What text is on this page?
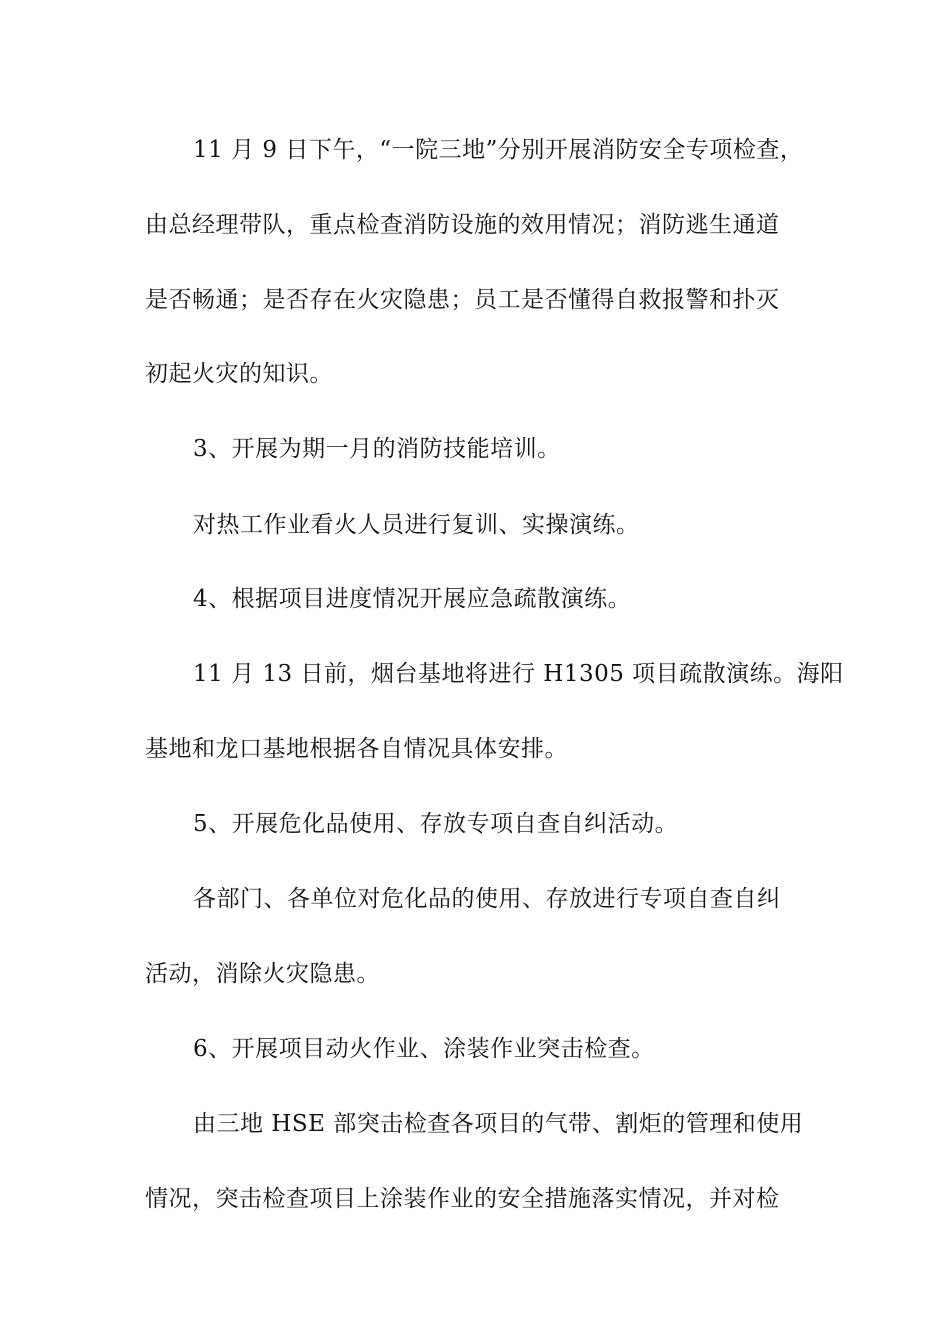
11 月 9 日下午，“一院三地”分别开展消防安全专项检查，
由总经理带队，重点检查消防设施的效用情况；消防逃生通道
是否畅通；是否存在火灾隐患；员工是否懂得自救报警和扑灭
初起火灾的知识。
3、开展为期一月的消防技能培训。
对热工作业看火人员进行复训、实操演练。
4、根据项目进度情况开展应急疏散演练。
11 月 13 日前，烟台基地将进行 H1305 项目疏散演练。海阳
基地和龙口基地根据各自情况具体安排。
5、开展危化品使用、存放专项自查自纠活动。
各部门、各单位对危化品的使用、存放进行专项自查自纠
活动，消除火灾隐患。
6、开展项目动火作业、涂装作业突击检查。
由三地 HSE 部突击检查各项目的气带、割炬的管理和使用
情况，突击检查项目上涂装作业的安全措施落实情况，并对检
